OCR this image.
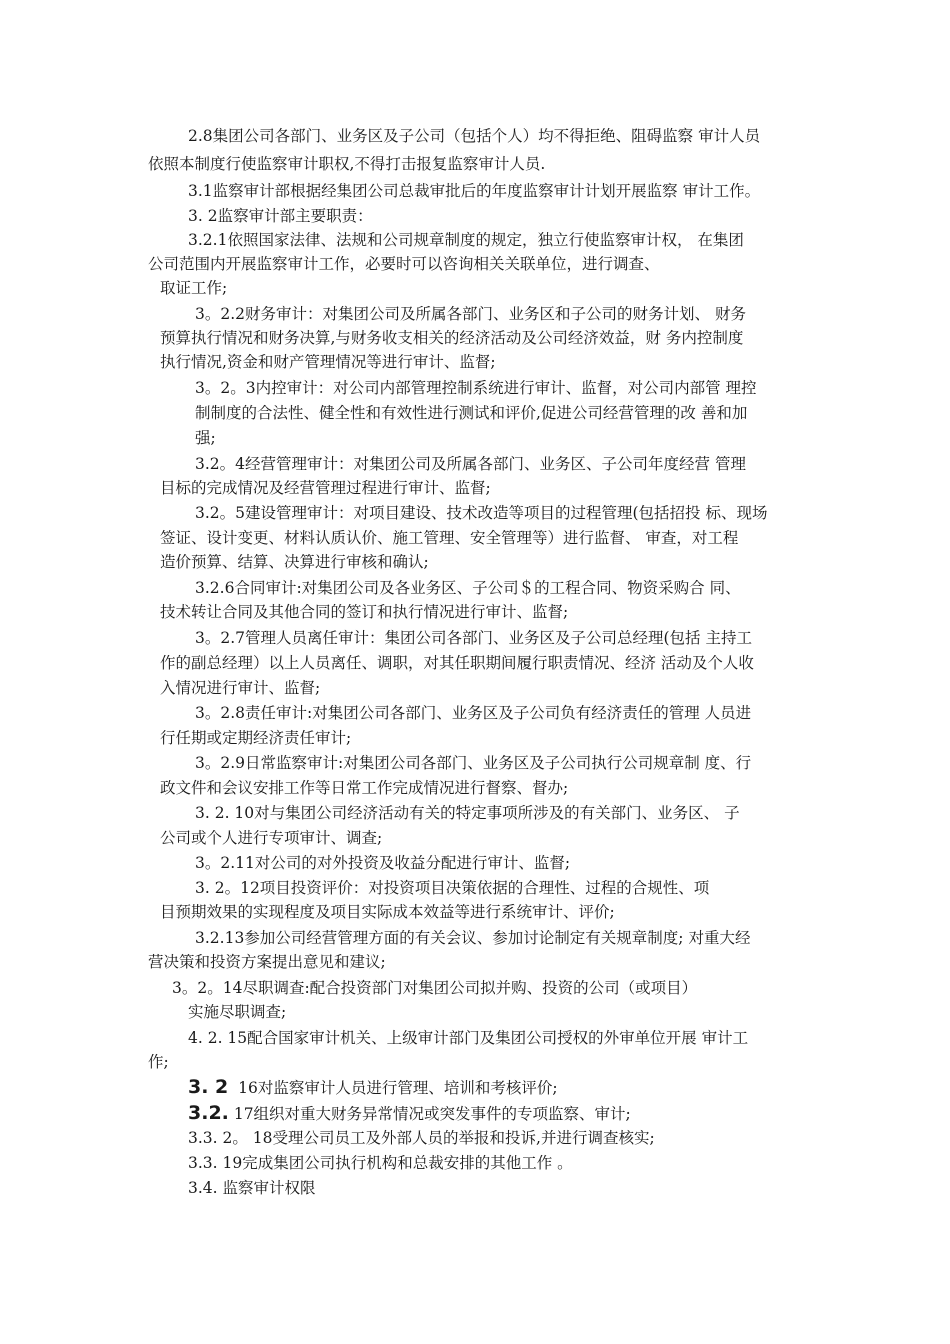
2.8集团公司各部门、业务区及子公司（包括个人）均不得拒绝、阻碍监察 审计人员
依照本制度行使监察审计职权,不得打击报复监察审计人员.
3.1监察审计部根据经集团公司总裁审批后的年度监察审计计划开展监察 审计工作。
3. 2监察审计部主要职责：
3.2.1依照国家法律、法规和公司规章制度的规定，独立行使监察审计权， 在集团
公司范围内开展监察审计工作，必要时可以咨询相关关联单位，进行调查、
取证工作;
3。2.2财务审计：对集团公司及所属各部门、业务区和子公司的财务计划、 财务
预算执行情况和财务决算,与财务收支相关的经济活动及公司经济效益，财 务内控制度
执行情况,资金和财产管理情况等进行审计、监督;
3。2。3内控审计：对公司内部管理控制系统进行审计、监督，对公司内部管 理控
制制度的合法性、健全性和有效性进行测试和评价,促进公司经营管理的改 善和加
强;
3.2。4经营管理审计：对集团公司及所属各部门、业务区、子公司年度经营 管理
目标的完成情况及经营管理过程进行审计、监督;
3.2。5建设管理审计：对项目建设、技术改造等项目的过程管理(包括招投 标、现场
签证、设计变更、材料认质认价、施工管理、安全管理等）进行监督、 审查，对工程
造价预算、结算、决算进行审核和确认;
3.2.6合同审计:对集团公司及各业务区、子公司＄的工程合同、物资采购合 同、
技术转让合同及其他合同的签订和执行情况进行审计、监督;
3。2.7管理人员离任审计：集团公司各部门、业务区及子公司总经理(包括 主持工
作的副总经理）以上人员离任、调职，对其任职期间履行职责情况、经济 活动及个人收
入情况进行审计、监督;
3。2.8责任审计:对集团公司各部门、业务区及子公司负有经济责任的管理 人员进
行任期或定期经济责任审计;
3。2.9日常监察审计:对集团公司各部门、业务区及子公司执行公司规章制 度、行
政文件和会议安排工作等日常工作完成情况进行督察、督办;
3. 2. 10对与集团公司经济活动有关的特定事项所涉及的有关部门、业务区、 子
公司或个人进行专项审计、调查;
3。2.11对公司的对外投资及收益分配进行审计、监督;
3. 2。12项目投资评价：对投资项目决策依据的合理性、过程的合规性、项
目预期效果的实现程度及项目实际成本效益等进行系统审计、评价;
3.2.13参加公司经营管理方面的有关会议、参加讨论制定有关规章制度; 对重大经
营决策和投资方案提出意见和建议;
3。2。14尽职调查:配合投资部门对集团公司拟并购、投资的公司（或项目）
实施尽职调查;
4. 2. 15配合国家审计机关、上级审计部门及集团公司授权的外审单位开展 审计工
作;
3. 2 16对监察审计人员进行管理、培训和考核评价;
3.2. 17组织对重大财务异常情况或突发事件的专项监察、审计;
3.3. 2。 18受理公司员工及外部人员的举报和投诉,并进行调查核实;
3.3. 19完成集团公司执行机构和总裁安排的其他工作 。
3.4. 监察审计权限
